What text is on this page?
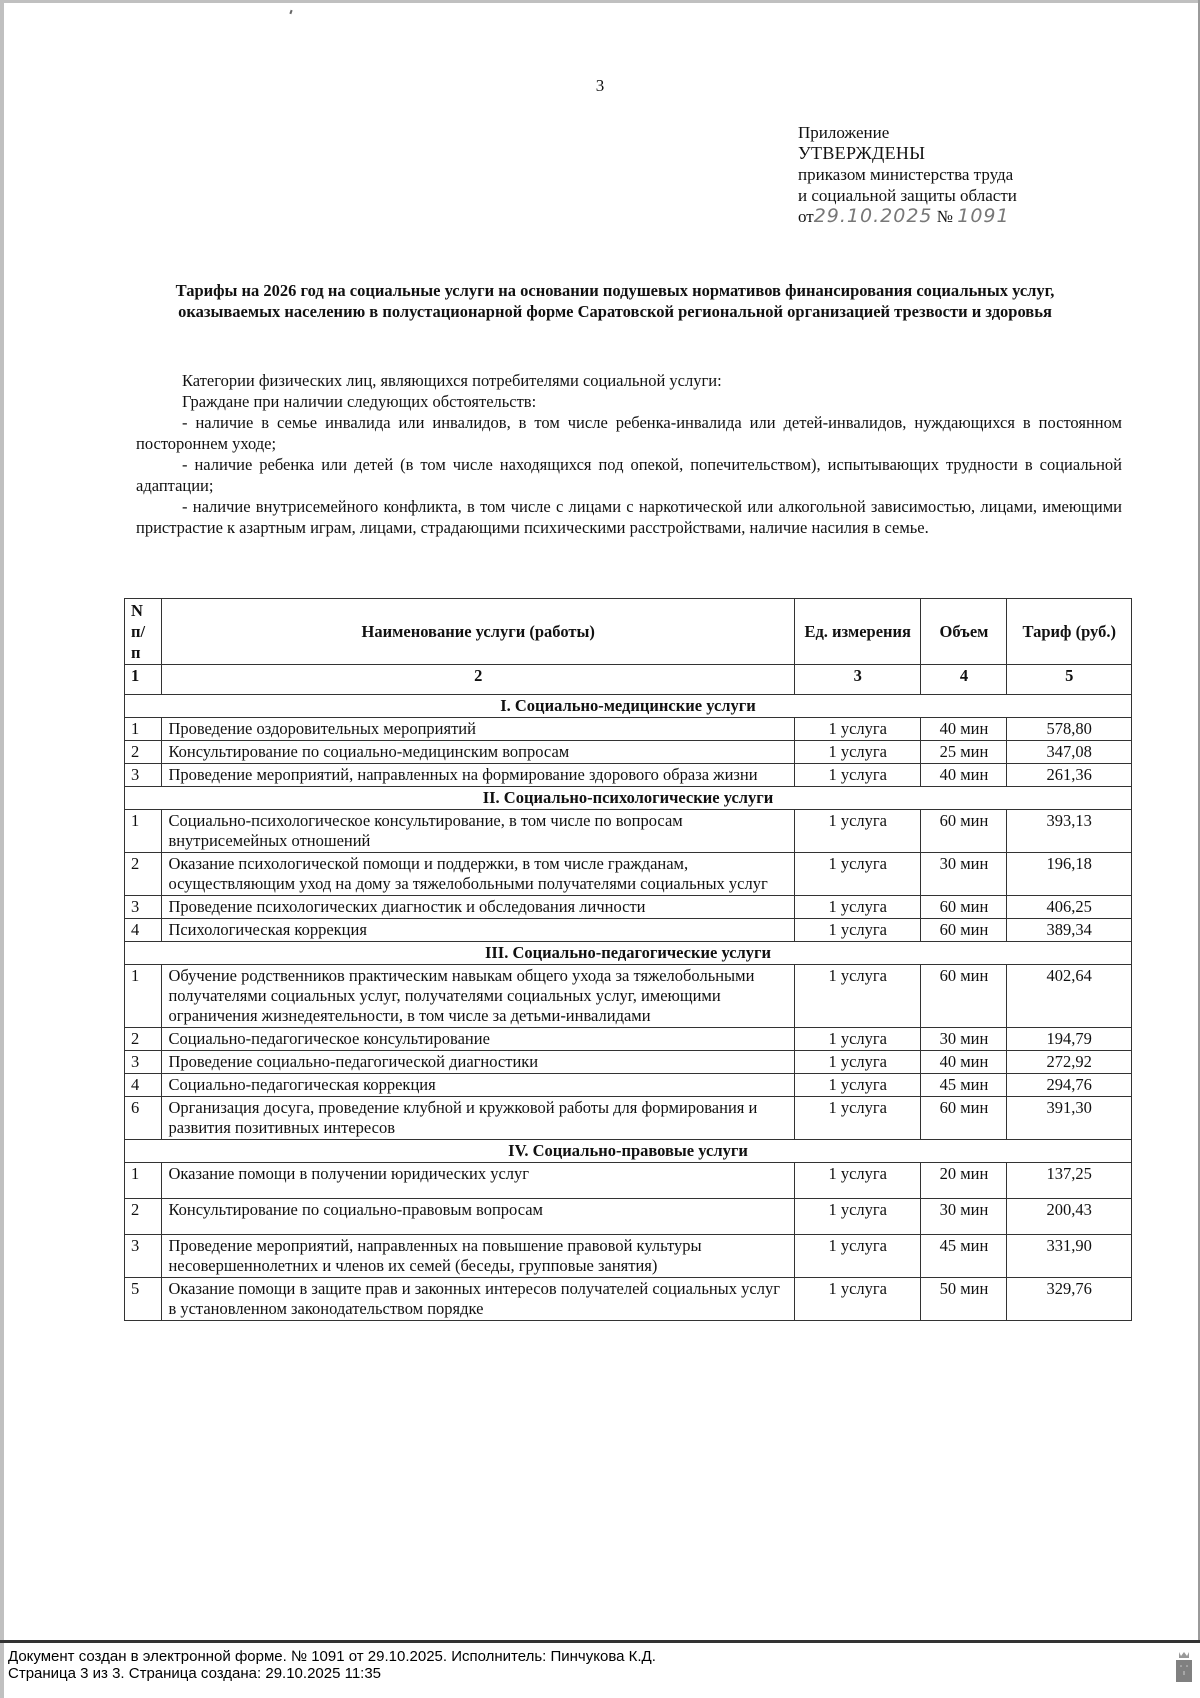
3
Приложение
УТВЕРЖДЕНЫ
приказом министерства труда
и социальной защиты области
от29.10.2025 № 1091
Тарифы на 2026 год на социальные услуги на основании подушевых нормативов финансирования социальных услуг, оказываемых населению в полустационарной форме Саратовской региональной организацией трезвости и здоровья

Категории физических лиц, являющихся потребителями социальной услуги:

Граждане при наличии следующих обстоятельств:

- наличие в семье инвалида или инвалидов, в том числе ребенка-инвалида или детей-инвалидов, нуждающихся в постоянном постороннем уходе;

- наличие ребенка или детей (в том числе находящихся под опекой, попечительством), испытывающих трудности в социальной адаптации;

- наличие внутрисемейного конфликта, в том числе с лицами с наркотической или алкогольной зависимостью, лицами, имеющими пристрастие к азартным играм, лицами, страдающими психическими расстройствами, наличие насилия в семье.

N п/ п	Наименование услуги (работы)	Ед. измерения	Объем	Тариф (руб.)
1	2	3	4	5
I. Социально-медицинские услуги				
1	Проведение оздоровительных мероприятий	1 услуга	40 мин	578,80
2	Консультирование по социально-медицинским вопросам	1 услуга	25 мин	347,08
3	Проведение мероприятий, направленных на формирование здорового образа жизни	1 услуга	40 мин	261,36
II. Социально-психологические услуги				
1	Социально-психологическое консультирование, в том числе по вопросам внутрисемейных отношений	1 услуга	60 мин	393,13
2	Оказание психологической помощи и поддержки, в том числе гражданам, осуществляющим уход на дому за тяжелобольными получателями социальных услуг	1 услуга	30 мин	196,18
3	Проведение психологических диагностик и обследования личности	1 услуга	60 мин	406,25
4	Психологическая коррекция	1 услуга	60 мин	389,34
III. Социально-педагогические услуги				
1	Обучение родственников практическим навыкам общего ухода за тяжелобольными получателями социальных услуг, получателями социальных услуг, имеющими ограничения жизнедеятельности, в том числе за детьми-инвалидами	1 услуга	60 мин	402,64
2	Социально-педагогическое консультирование	1 услуга	30 мин	194,79
3	Проведение социально-педагогической диагностики	1 услуга	40 мин	272,92
4	Социально-педагогическая коррекция	1 услуга	45 мин	294,76
6	Организация досуга, проведение клубной и кружковой работы для формирования и развития позитивных интересов	1 услуга	60 мин	391,30
IV. Социально-правовые услуги				
1	Оказание помощи в получении юридических услуг	1 услуга	20 мин	137,25
2	Консультирование по социально-правовым вопросам	1 услуга	30 мин	200,43
3	Проведение мероприятий, направленных на повышение правовой культуры несовершеннолетних и членов их семей (беседы, групповые занятия)	1 услуга	45 мин	331,90
5	Оказание помощи в защите прав и законных интересов получателей социальных услуг в установленном законодательством порядке	1 услуга	50 мин	329,76
Документ создан в электронной форме. № 1091 от 29.10.2025. Исполнитель: Пинчукова К.Д.
Страница 3 из 3. Страница создана: 29.10.2025 11:35
